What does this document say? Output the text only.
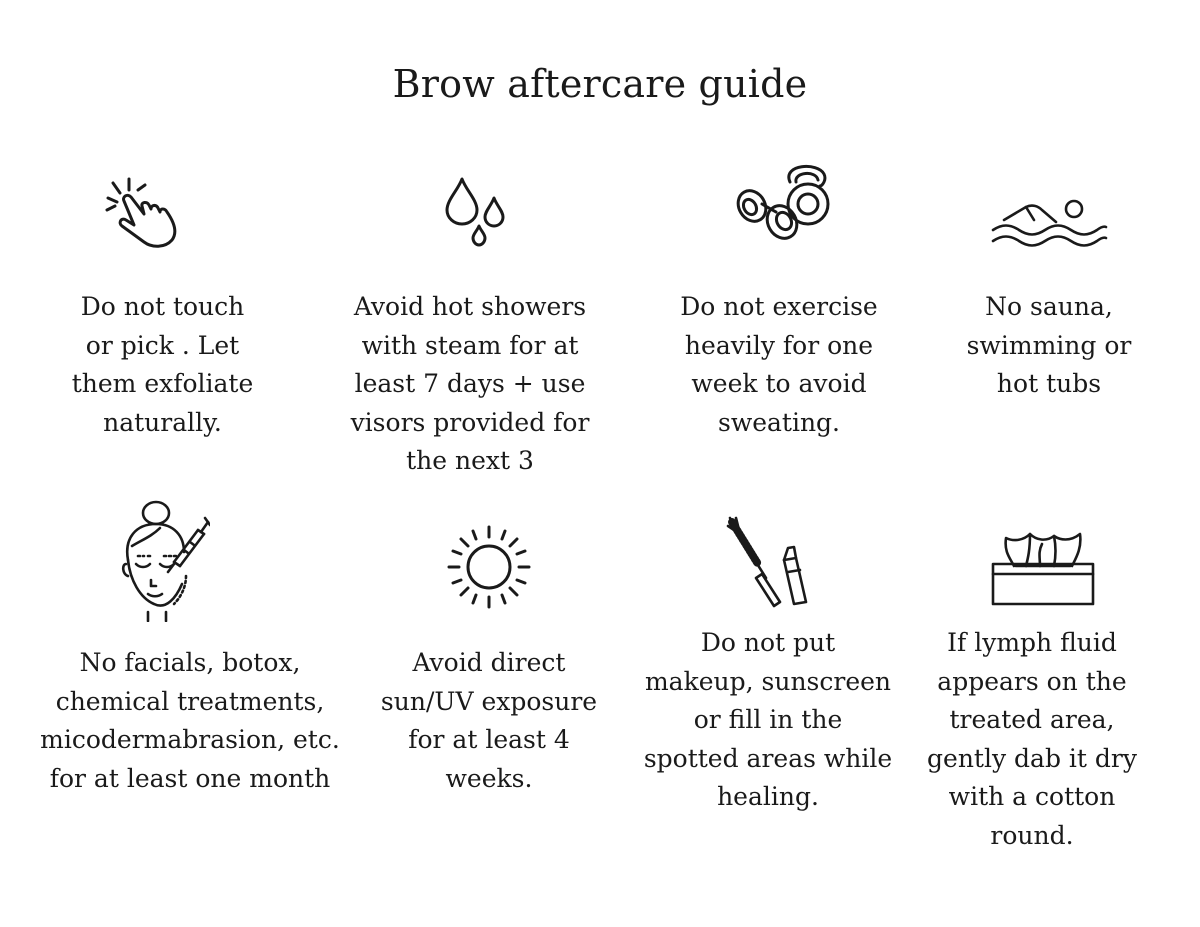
Brow aftercare guide

Do not touch
or pick . Let
them exfoliate
naturally.

Avoid hot showers
with steam for at
least 7 days + use
visors provided for
the next 3

Do not exercise
heavily for one
week to avoid
sweating.

No sauna,
swimming or
hot tubs

No facials, botox,
chemical treatments,
micodermabrasion, etc.
for at least one month

Avoid direct
sun/UV exposure
for at least 4
weeks.

Do not put
makeup, sunscreen
or fill in the
spotted areas while
healing.

If lymph fluid
appears on the
treated area,
gently dab it dry
with a cotton
round.
